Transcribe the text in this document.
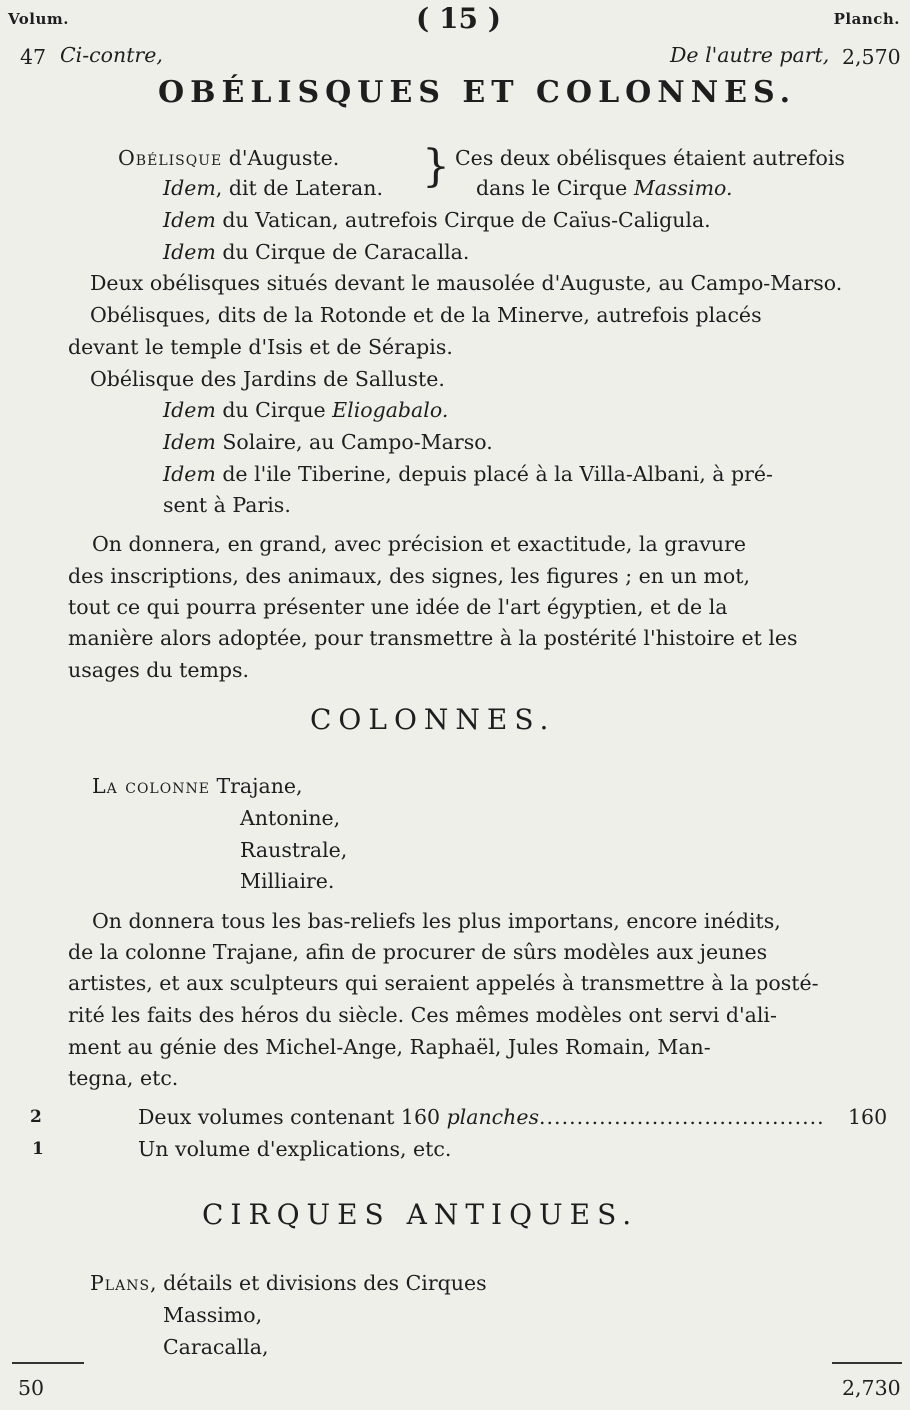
Volum.	( 15 )	Planch.
47 Ci-contre,	De l'autre part, 2,570
OBÉLISQUES ET COLONNES.
Obélisque d'Auguste.
Idem, dit de Lateran. } Ces deux obélisques étaient autrefois
dans le Cirque Massimo.
Idem du Vatican, autrefois Cirque de Caïus-Caligula.
Idem du Cirque de Caracalla.
Deux obélisques situés devant le mausolée d'Auguste, au Campo-Marso.
Obélisques, dits de la Rotonde et de la Minerve, autrefois placés
devant le temple d'Isis et de Sérapis.
Obélisque des Jardins de Salluste.
Idem du Cirque Eliogabalo.
Idem Solaire, au Campo-Marso.
Idem de l'ile Tiberine, depuis placé à la Villa-Albani, à pré-
sent à Paris.
On donnera, en grand, avec précision et exactitude, la gravure
des inscriptions, des animaux, des signes, les figures ; en un mot,
tout ce qui pourra présenter une idée de l'art égyptien, et de la
manière alors adoptée, pour transmettre à la postérité l'histoire et les
usages du temps.
COLONNES.
La colonne Trajane,
Antonine,
Raustrale,
Milliaire.
On donnera tous les bas-reliefs les plus importans, encore inédits,
de la colonne Trajane, afin de procurer de sûrs modèles aux jeunes
artistes, et aux sculpteurs qui seraient appelés à transmettre à la posté-
rité les faits des héros du siècle. Ces mêmes modèles ont servi d'ali-
ment au génie des Michel-Ange, Raphaël, Jules Romain, Man-
tegna, etc.
2	Deux volumes contenant 160 planches...................................... 160
1	Un volume d'explications, etc.
CIRQUES ANTIQUES.
Plans, détails et divisions des Cirques
Massimo,
Caracalla,
50	2,730
